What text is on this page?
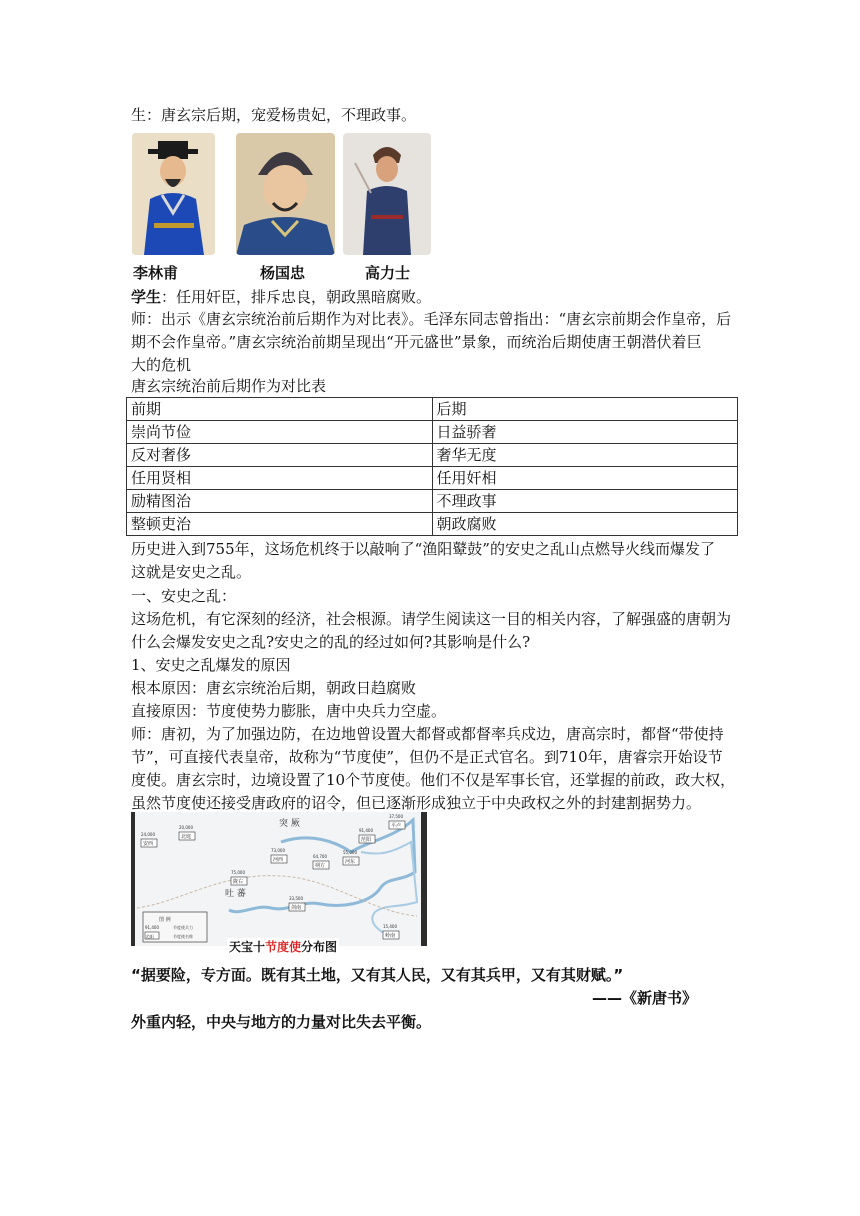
生：唐玄宗后期，宠爱杨贵妃，不理政事。
李林甫	杨国忠	高力士
学生：任用奸臣，排斥忠良，朝政黑暗腐败。
师：出示《唐玄宗统治前后期作为对比表》。毛泽东同志曾指出：“唐玄宗前期会作皇帝，后
期不会作皇帝。”唐玄宗统治前期呈现出“开元盛世”景象，而统治后期使唐王朝潜伏着巨
大的危机
唐玄宗统治前后期作为对比表
前期	后期
崇尚节俭	日益骄奢
反对奢侈	奢华无度
任用贤相	任用奸相
励精图治	不理政事
整顿吏治	朝政腐败
历史进入到755年，这场危机终于以敲响了“渔阳鼙鼓”的安史之乱山点燃导火线而爆发了
这就是安史之乱。
一、安史之乱：
这场危机，有它深刻的经济，社会根源。请学生阅读这一目的相关内容，了解强盛的唐朝为
什么会爆发安史之乱?安史之的乱的经过如何?其影响是什么?
1、安史之乱爆发的原因
根本原因：唐玄宗统治后期，朝政日趋腐败
直接原因：节度使势力膨胀，唐中央兵力空虚。
师：唐初，为了加强边防，在边地曾设置大都督或都督率兵戍边，唐高宗时，都督“带使持
节”，可直接代表皇帝，故称为“节度使”，但仍不是正式官名。到710年，唐睿宗开始设节
度使。唐玄宗时，边境设置了10个节度使。他们不仅是军事长官，还掌握的前政，政大权，
虽然节度使还接受唐政府的诏令，但已逐渐形成独立于中央政权之外的封建割据势力。
突 厥
吐 蕃
图 例
91,400	节度使兵力
范阳	节度使名称
24,000
20,000
73,000
64,700
55,000
37,500
91,400
75,000
33,500
15,400
安西
北庭
河西
朔方
河东
平卢
范阳
陇右
剑南
岭南
天宝十节度使分布图
“据要险，专方面。既有其土地，又有其人民，又有其兵甲，又有其财赋。”
——《新唐书》
外重内轻，中央与地方的力量对比失去平衡。
